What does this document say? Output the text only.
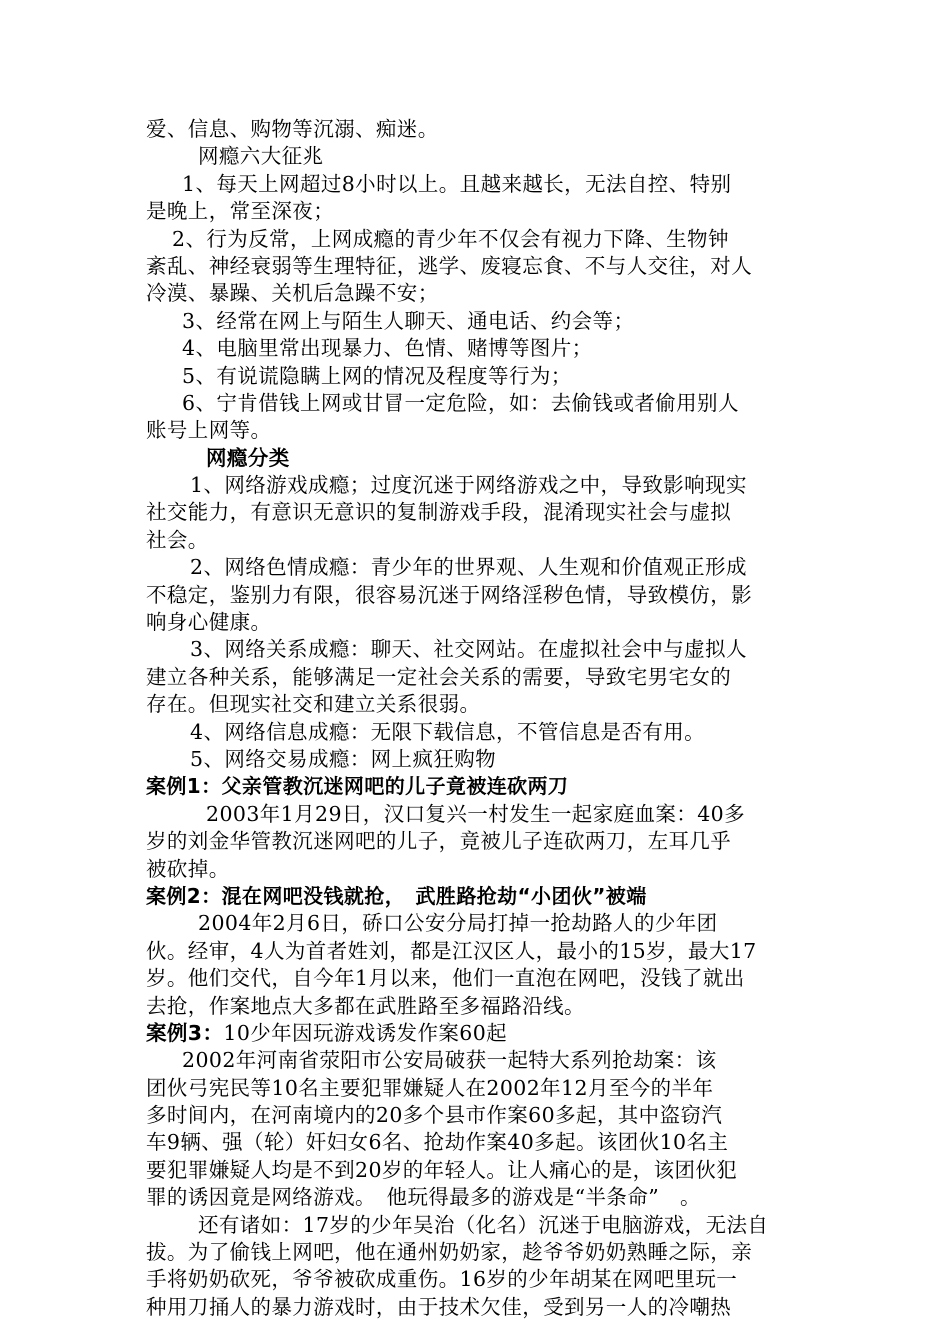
爱、信息、购物等沉溺、痴迷。
网瘾六大征兆
1、每天上网超过8小时以上。且越来越长，无法自控、特别
是晚上，常至深夜；
2、行为反常，上网成瘾的青少年不仅会有视力下降、生物钟
紊乱、神经衰弱等生理特征，逃学、废寝忘食、不与人交往，对人
冷漠、暴躁、关机后急躁不安；
3、经常在网上与陌生人聊天、通电话、约会等；
4、电脑里常出现暴力、色情、赌博等图片；
5、有说谎隐瞒上网的情况及程度等行为；
6、宁肯借钱上网或甘冒一定危险，如：去偷钱或者偷用别人
账号上网等。
网瘾分类
1、网络游戏成瘾；过度沉迷于网络游戏之中，导致影响现实
社交能力，有意识无意识的复制游戏手段，混淆现实社会与虚拟
社会。
2、网络色情成瘾：青少年的世界观、人生观和价值观正形成
不稳定，鉴别力有限，很容易沉迷于网络淫秽色情，导致模仿，影
响身心健康。
3、网络关系成瘾：聊天、社交网站。在虚拟社会中与虚拟人
建立各种关系，能够满足一定社会关系的需要，导致宅男宅女的
存在。但现实社交和建立关系很弱。
4、网络信息成瘾：无限下载信息，不管信息是否有用。
5、网络交易成瘾：网上疯狂购物
案例1：父亲管教沉迷网吧的儿子竟被连砍两刀
2003年1月29日，汉口复兴一村发生一起家庭血案：40多
岁的刘金华管教沉迷网吧的儿子，竟被儿子连砍两刀，左耳几乎
被砍掉。
案例2：混在网吧没钱就抢，　武胜路抢劫“小团伙”被端
2004年2月6日，硚口公安分局打掉一抢劫路人的少年团
伙。经审，4人为首者姓刘，都是江汉区人，最小的15岁，最大17
岁。他们交代，自今年1月以来，他们一直泡在网吧，没钱了就出
去抢，作案地点大多都在武胜路至多福路沿线。
案例3：10少年因玩游戏诱发作案60起
2002年河南省荥阳市公安局破获一起特大系列抢劫案：该
团伙弓宪民等10名主要犯罪嫌疑人在2002年12月至今的半年
多时间内，在河南境内的20多个县市作案60多起，其中盗窃汽
车9辆、强（轮）奸妇女6名、抢劫作案40多起。该团伙10名主
要犯罪嫌疑人均是不到20岁的年轻人。让人痛心的是，该团伙犯
罪的诱因竟是网络游戏。　他玩得最多的游戏是“半条命”　。
还有诸如：17岁的少年吴治（化名）沉迷于电脑游戏，无法自
拔。为了偷钱上网吧，他在通州奶奶家，趁爷爷奶奶熟睡之际，亲
手将奶奶砍死，爷爷被砍成重伤。16岁的少年胡某在网吧里玩一
种用刀捅人的暴力游戏时，由于技术欠佳，受到另一人的冷嘲热
